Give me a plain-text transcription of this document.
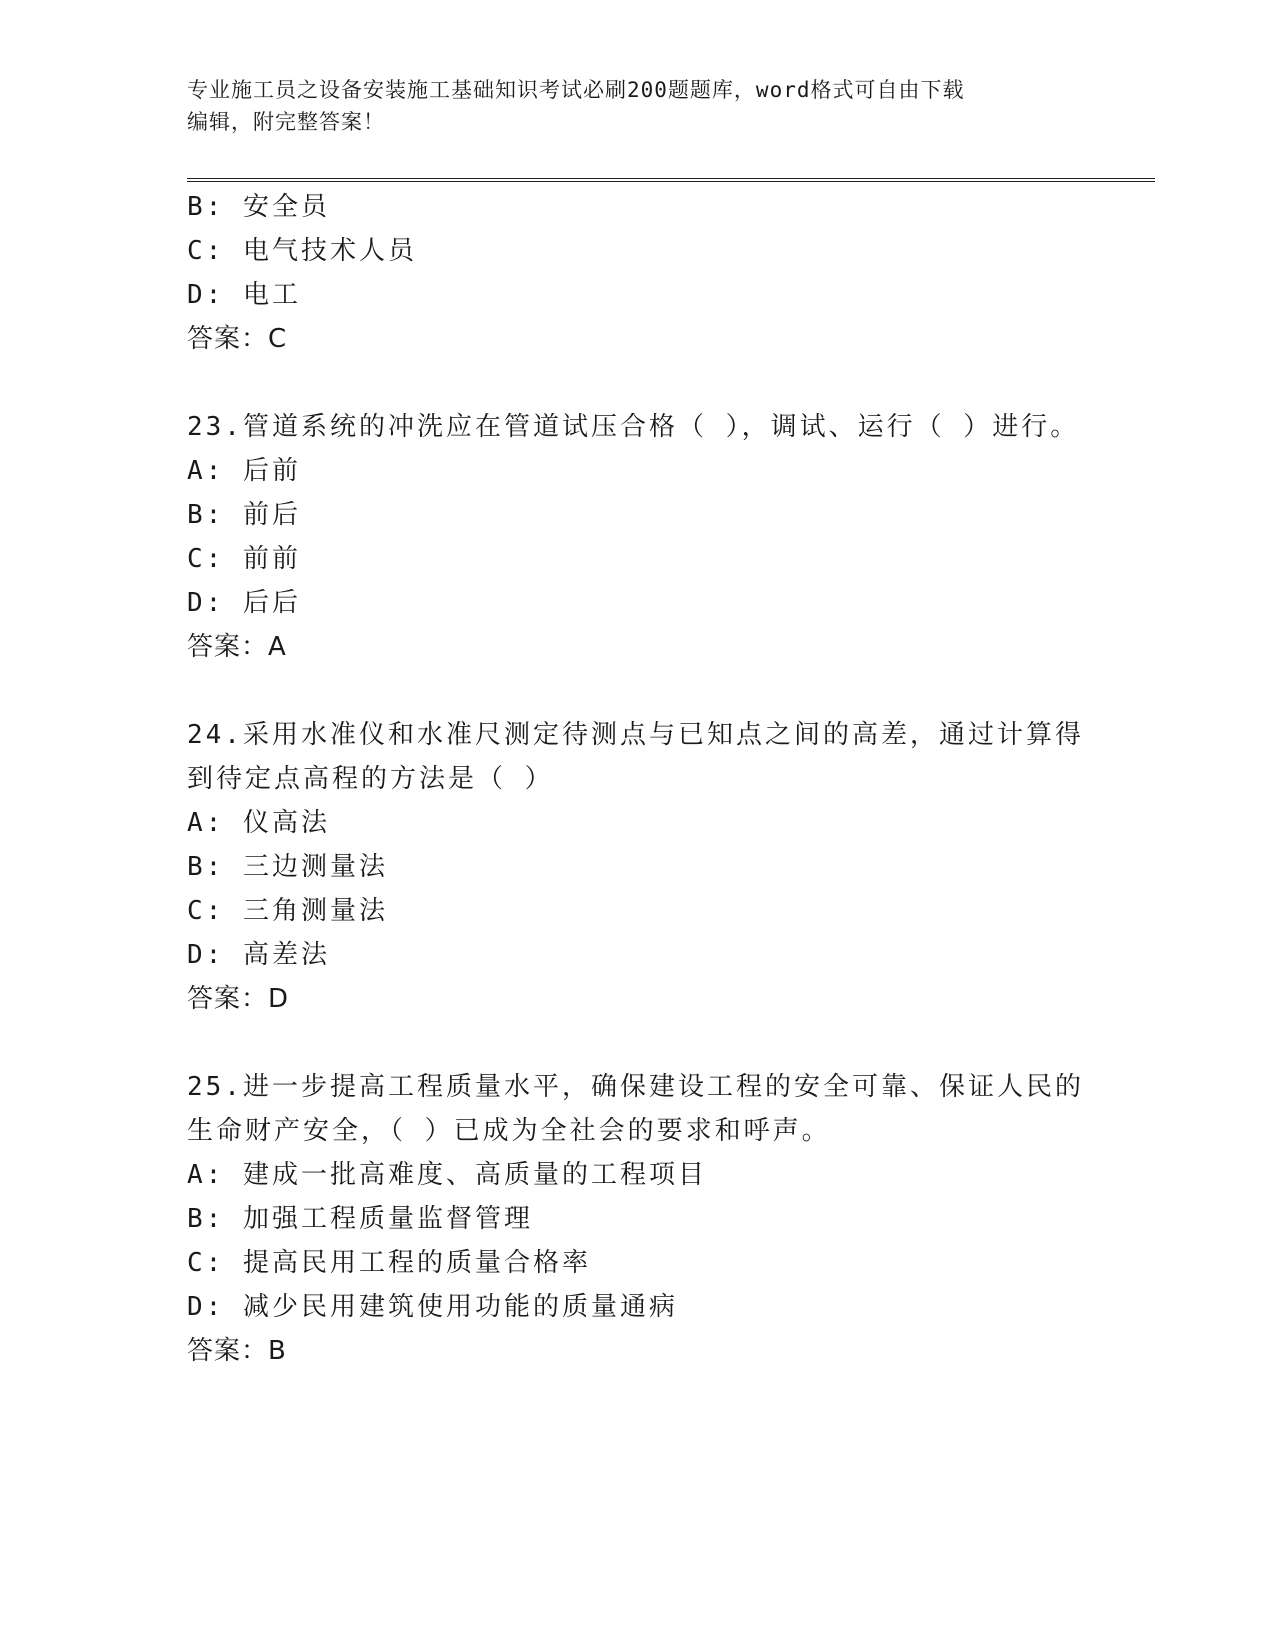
专业施工员之设备安装施工基础知识考试必刷200题题库，word格式可自由下载
编辑，附完整答案！
B: 安全员
C: 电气技术人员
D: 电工
答案：C
23.管道系统的冲洗应在管道试压合格（ ），调试、运行（ ）进行。
A: 后前
B: 前后
C: 前前
D: 后后
答案：A
24.采用水准仪和水准尺测定待测点与已知点之间的高差，通过计算得
到待定点高程的方法是（ ）
A: 仪高法
B: 三边测量法
C: 三角测量法
D: 高差法
答案：D
25.进一步提高工程质量水平，确保建设工程的安全可靠、保证人民的
生命财产安全，（ ）已成为全社会的要求和呼声。
A: 建成一批高难度、高质量的工程项目
B: 加强工程质量监督管理
C: 提高民用工程的质量合格率
D: 减少民用建筑使用功能的质量通病
答案：B
